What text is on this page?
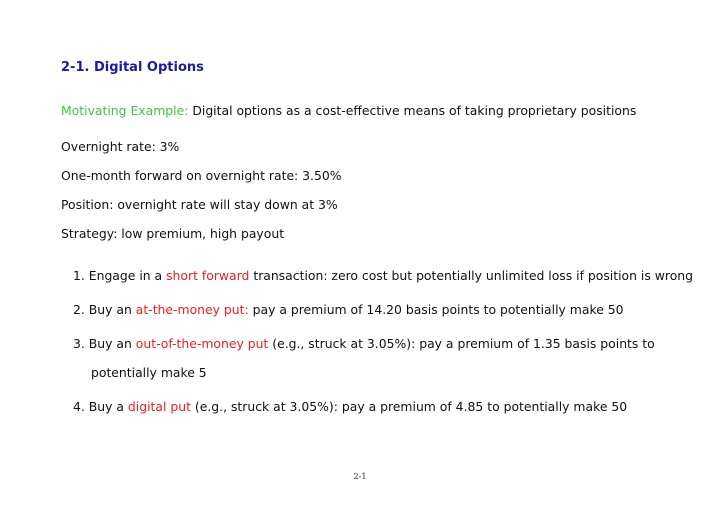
2-1. Digital Options
Motivating Example: Digital options as a cost-effective means of taking proprietary positions
Overnight rate: 3%
One-month forward on overnight rate: 3.50%
Position: overnight rate will stay down at 3%
Strategy: low premium, high payout
1. Engage in a short forward transaction: zero cost but potentially unlimited loss if position is wrong
2. Buy an at-the-money put: pay a premium of 14.20 basis points to potentially make 50
3. Buy an out-of-the-money put (e.g., struck at 3.05%): pay a premium of 1.35 basis points to
potentially make 5
4. Buy a digital put (e.g., struck at 3.05%): pay a premium of 4.85 to potentially make 50
2-1
